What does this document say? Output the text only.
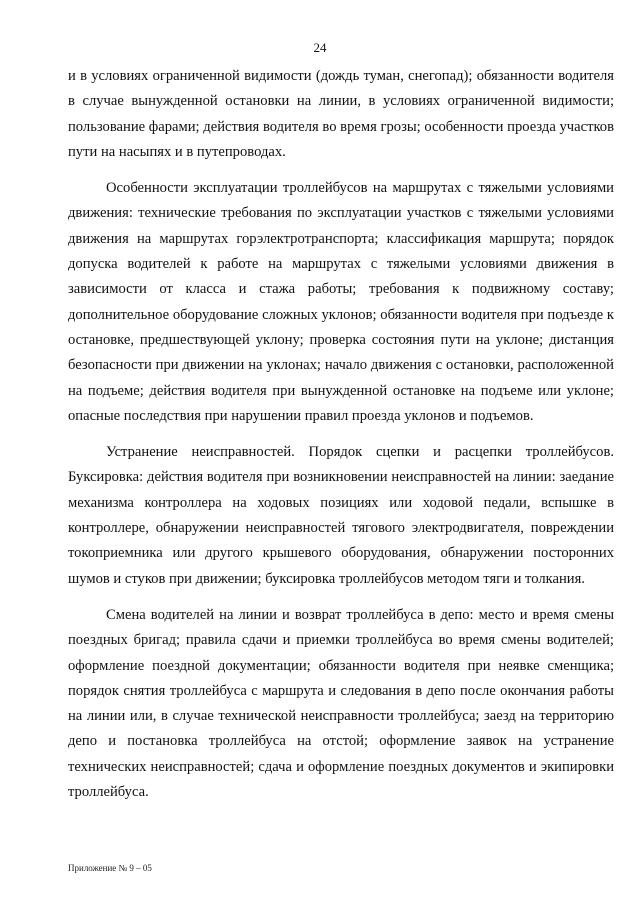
24

и в условиях ограниченной видимости (дождь туман, снегопад); обязанности водителя в случае вынужденной остановки на линии, в условиях ограниченной видимости; пользование фарами; действия водителя во время грозы; особенности проезда участков пути на насыпях и в путепроводах.

Особенности эксплуатации троллейбусов на маршрутах с тяжелыми условиями движения: технические требования по эксплуатации участков с тяжелыми условиями движения на маршрутах горэлектротранспорта; классификация маршрута; порядок допуска водителей к работе на маршрутах с тяжелыми условиями движения в зависимости от класса и стажа работы; требования к подвижному составу; дополнительное оборудование сложных уклонов; обязанности водителя при подъезде к остановке, предшествующей уклону; проверка состояния пути на уклоне; дистанция безопасности при движении на уклонах; начало движения с остановки, расположенной на подъеме; действия водителя при вынужденной остановке на подъеме или уклоне; опасные последствия при нарушении правил проезда уклонов и подъемов.

Устранение неисправностей. Порядок сцепки и расцепки троллейбусов. Буксировка: действия водителя при возникновении неисправностей на линии: заедание механизма контроллера на ходовых позициях или ходовой педали, вспышке в контроллере, обнаружении неисправностей тягового электродвигателя, повреждении токоприемника или другого крышевого оборудования, обнаружении посторонних шумов и стуков при движении; буксировка троллейбусов методом тяги и толкания.

Смена водителей на линии и возврат троллейбуса в депо: место и время смены поездных бригад; правила сдачи и приемки троллейбуса во время смены водителей; оформление поездной документации; обязанности водителя при неявке сменщика; порядок снятия троллейбуса с маршрута и следования в депо после окончания работы на линии или, в случае технической неисправности троллейбуса; заезд на территорию депо и постановка троллейбуса на отстой; оформление заявок на устранение технических неисправностей; сдача и оформление поездных документов и экипировки троллейбуса.

Приложение № 9 – 05
